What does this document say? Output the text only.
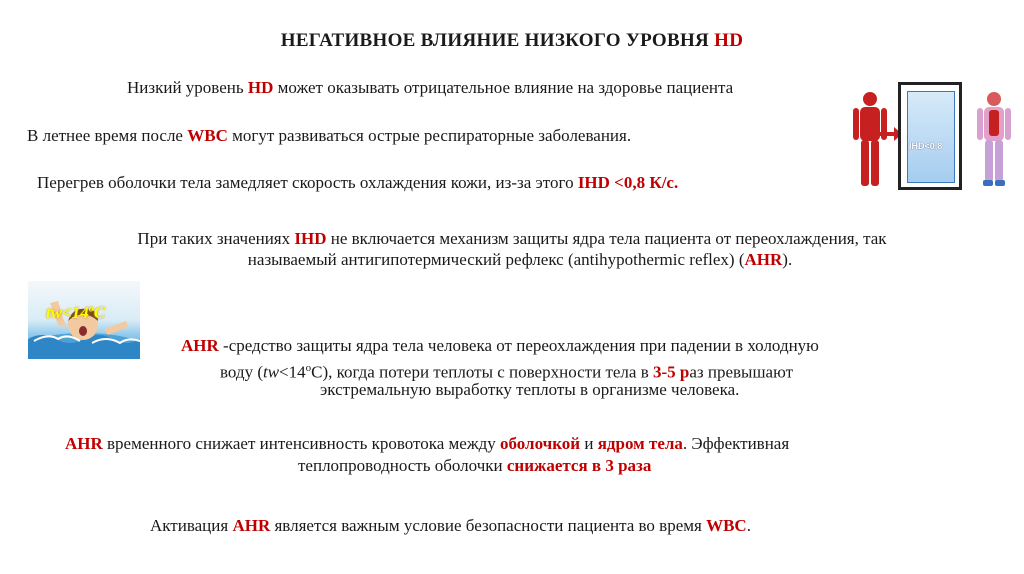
НЕГАТИВНОЕ ВЛИЯНИЕ НИЗКОГО УРОВНЯ HD
Низкий уровень HD может оказывать отрицательное влияние на здоровье пациента
В летнее время после WBC могут развиваться острые респираторные заболевания.
Перегрев оболочки тела замедляет скорость охлаждения кожи, из-за этого IHD <0,8 К/с.
При таких значениях IHD не включается механизм защиты ядра тела пациента от переохлаждения, так
называемый антигипотермический рефлекс (antihypothermic reflex) (AHR).
AHR -средство защиты ядра тела человека от переохлаждения при падении в холодную
воду $(tw<14^оС)$, когда потери теплоты с поверхности тела в 3-5 раз превышают
экстремальную выработку теплоты в организме человека.
AHR временного снижает интенсивность кровотока между оболочкой и ядром тела. Эффективная
теплопроводность оболочки снижается в 3 раза
Активация AHR является важным условие безопасности пациента во время WBC.
$tw<14^oC$
IHD<0,8
